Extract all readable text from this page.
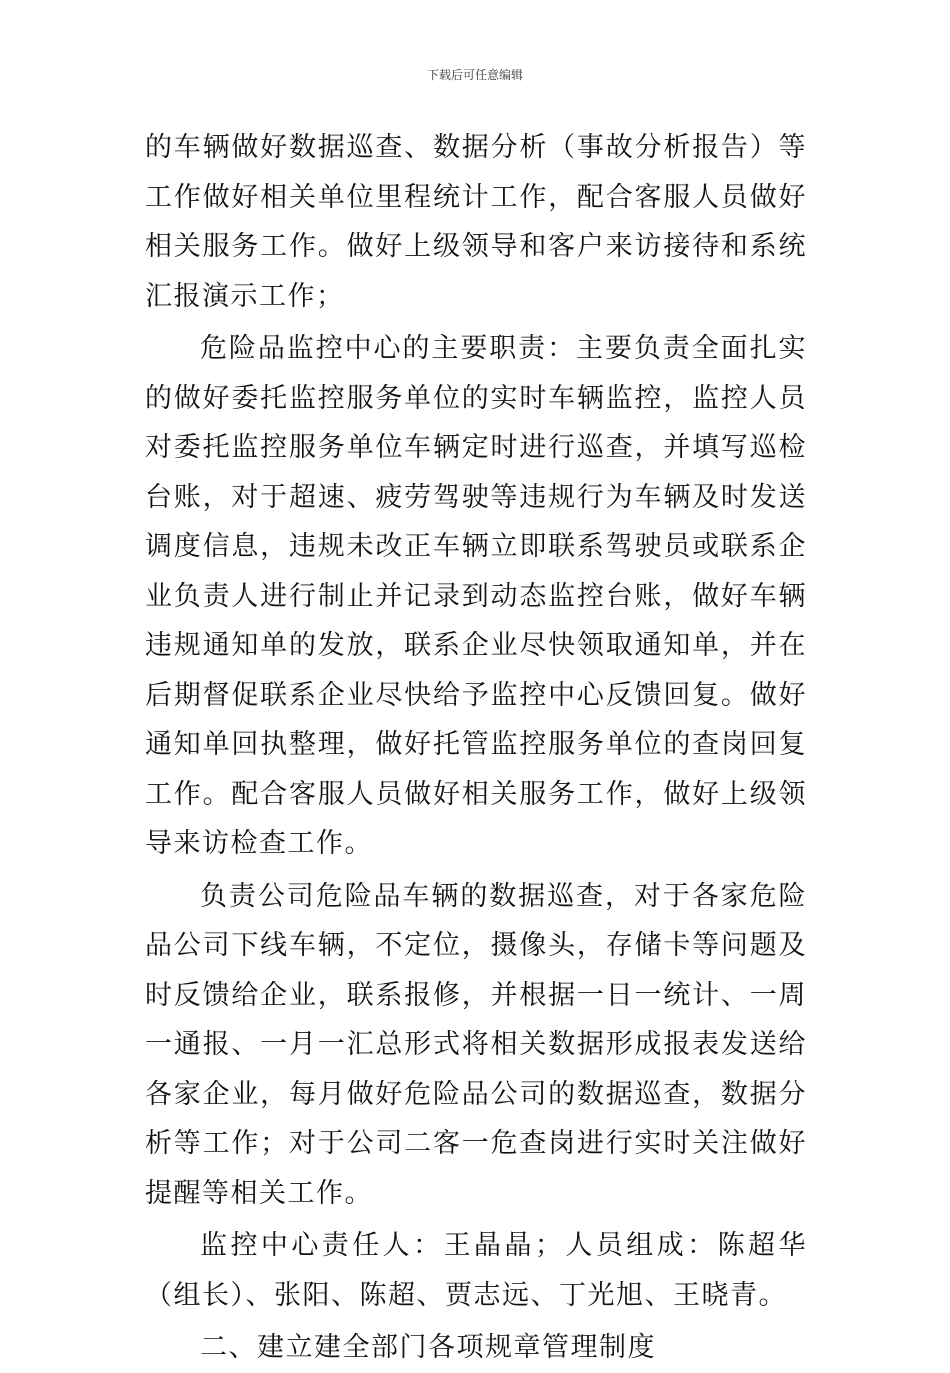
下载后可任意编辑

的车辆做好数据巡查、数据分析（事故分析报告）等工作做好相关单位里程统计工作，配合客服人员做好相关服务工作。做好上级领导和客户来访接待和系统汇报演示工作；

危险品监控中心的主要职责：主要负责全面扎实的做好委托监控服务单位的实时车辆监控，监控人员对委托监控服务单位车辆定时进行巡查，并填写巡检台账，对于超速、疲劳驾驶等违规行为车辆及时发送调度信息，违规未改正车辆立即联系驾驶员或联系企业负责人进行制止并记录到动态监控台账，做好车辆违规通知单的发放，联系企业尽快领取通知单，并在后期督促联系企业尽快给予监控中心反馈回复。做好通知单回执整理，做好托管监控服务单位的查岗回复工作。配合客服人员做好相关服务工作，做好上级领导来访检查工作。

负责公司危险品车辆的数据巡查，对于各家危险品公司下线车辆，不定位，摄像头，存储卡等问题及时反馈给企业，联系报修，并根据一日一统计、一周一通报、一月一汇总形式将相关数据形成报表发送给各家企业，每月做好危险品公司的数据巡查，数据分析等工作；对于公司二客一危查岗进行实时关注做好提醒等相关工作。

监控中心责任人：王晶晶；人员组成：陈超华（组长）、张阳、陈超、贾志远、丁光旭、王晓青。

二、建立建全部门各项规章管理制度
